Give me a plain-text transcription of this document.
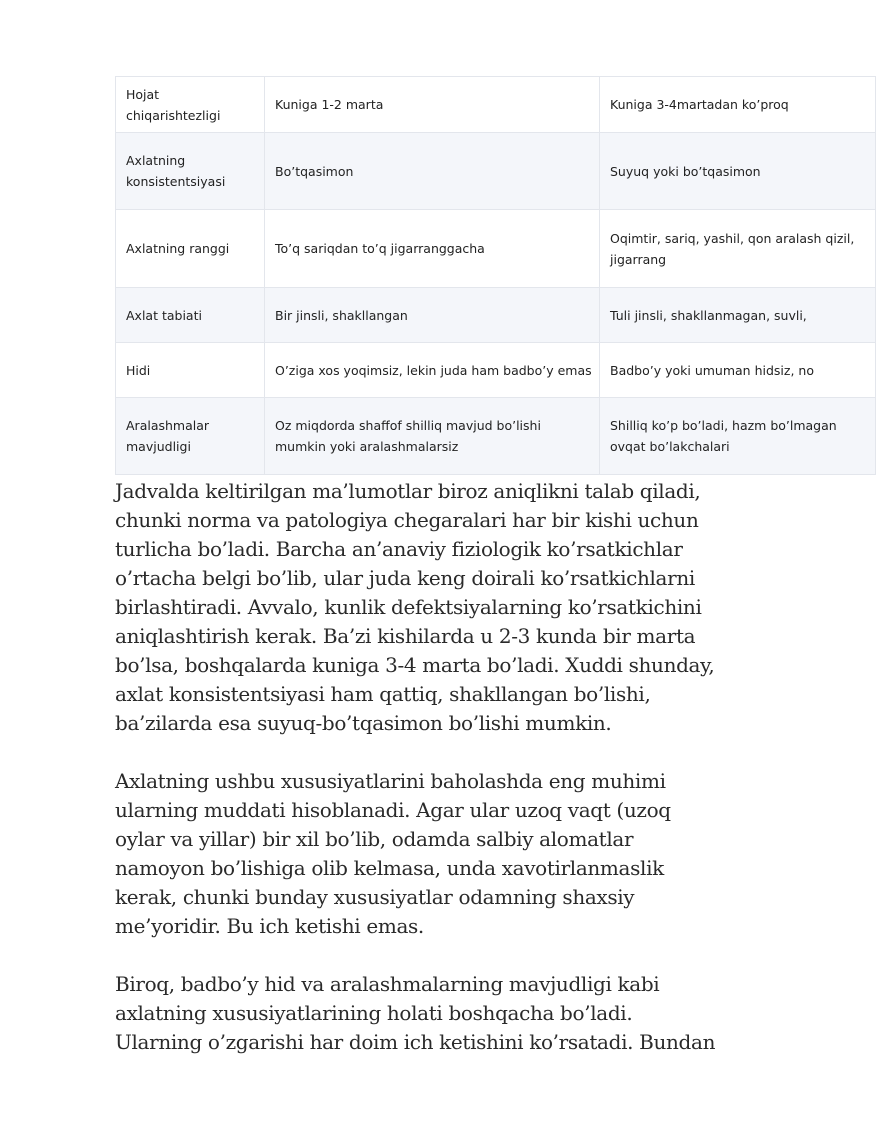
Hojat chiqarishtezligi	Kuniga 1-2 marta	Kuniga 3-4martadan ko’proq
Axlatning konsistentsiyasi	Bo’tqasimon	Suyuq yoki bo’tqasimon
Axlatning ranggi	To’q sariqdan to’q jigarranggacha	Oqimtir, sariq, yashil, qon aralash qizil, jigarrang
Axlat tabiati	Bir jinsli, shakllangan	Tuli jinsli, shakllanmagan, suvli,
Hidi	O’ziga xos yoqimsiz, lekin juda ham badbo’y emas	Badbo’y yoki umuman hidsiz, no
Aralashmalar mavjudligi	Oz miqdorda shaffof shilliq mavjud bo’lishi mumkin yoki aralashmalarsiz	Shilliq ko’p bo’ladi, hazm bo’lmagan ovqat bo’lakchalari

Jadvalda keltirilgan ma’lumotlar biroz aniqlikni talab qiladi,
chunki norma va patologiya chegaralari har bir kishi uchun
turlicha bo’ladi. Barcha an’anaviy fiziologik ko’rsatkichlar
o’rtacha belgi bo’lib, ular juda keng doirali ko’rsatkichlarni
birlashtiradi. Avvalo, kunlik defektsiyalarning ko’rsatkichini
aniqlashtirish kerak. Ba’zi kishilarda u 2-3 kunda bir marta
bo’lsa, boshqalarda kuniga 3-4 marta bo’ladi. Xuddi shunday,
axlat konsistentsiyasi ham qattiq, shakllangan bo’lishi,
ba’zilarda esa suyuq-bo’tqasimon bo’lishi mumkin.

Axlatning ushbu xususiyatlarini baholashda eng muhimi
ularning muddati hisoblanadi. Agar ular uzoq vaqt (uzoq
oylar va yillar) bir xil bo’lib, odamda salbiy alomatlar
namoyon bo’lishiga olib kelmasa, unda xavotirlanmaslik
kerak, chunki bunday xususiyatlar odamning shaxsiy
me’yoridir. Bu ich ketishi emas.

Biroq, badbo’y hid va aralashmalarning mavjudligi kabi
axlatning xususiyatlarining holati boshqacha bo’ladi.
Ularning o’zgarishi har doim ich ketishini ko’rsatadi. Bundan
